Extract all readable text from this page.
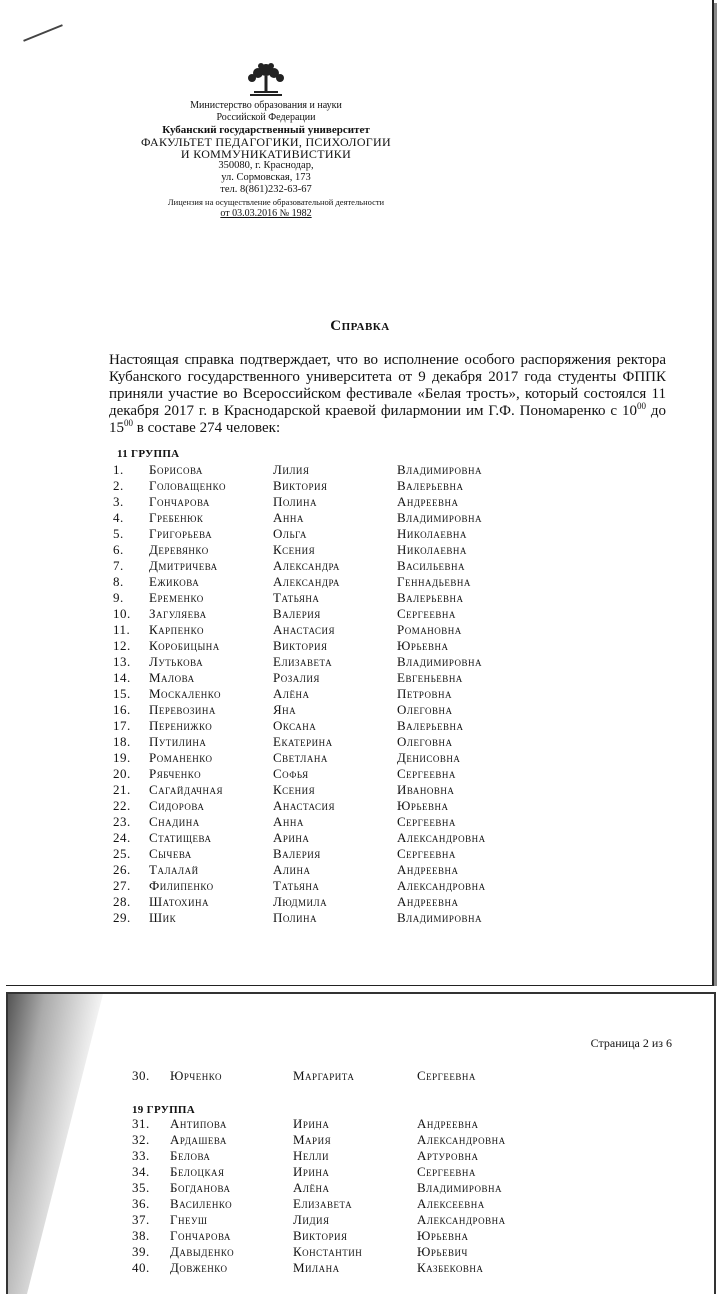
Министерство образования и науки
Российской Федерации
Кубанский государственный университет
ФАКУЛЬТЕТ ПЕДАГОГИКИ, ПСИХОЛОГИИ
И КОММУНИКАТИВИСТИКИ
350080, г. Краснодар,
ул. Сормовская, 173
тел. 8(861)232-63-67
Лицензия на осуществление образовательной деятельности
от 03.03.2016 № 1982
Справка
Настоящая справка подтверждает, что во исполнение особого распоряжения ректора Кубанского государственного университета от 9 декабря 2017 года студенты ФППК приняли участие во Всероссийском фестивале «Белая трость», который состоялся 11 декабря 2017 г. в Краснодарской краевой филармонии им Г.Ф. Пономаренко с $10^{00}$ до $15^{00}$ в составе 274 человек:
11 ГРУППА
1. Борисова	Лилия	Владимировна
2. Головащенко	Виктория	Валерьевна
3. Гончарова	Полина	Андреевна
4. Гребенюк	Анна	Владимировна
5. Григорьева	Ольга	Николаевна
6. Деревянко	Ксения	Николаевна
7. Дмитричева	Александра	Васильевна
8. Ежикова	Александра	Геннадьевна
9. Еременко	Татьяна	Валерьевна
10. Загуляева	Валерия	Сергеевна
11. Карпенко	Анастасия	Романовна
12. Коробицына	Виктория	Юрьевна
13. Лутькова	Елизавета	Владимировна
14. Малова	Розалия	Евгеньевна
15. Москаленко	Алёна	Петровна
16. Перевозина	Яна	Олеговна
17. Перенижко	Оксана	Валерьевна
18. Путилина	Екатерина	Олеговна
19. Романенко	Светлана	Денисовна
20. Рябченко	Софья	Сергеевна
21. Сагайдачная	Ксения	Ивановна
22. Сидорова	Анастасия	Юрьевна
23. Снадина	Анна	Сергеевна
24. Статищева	Арина	Александровна
25. Сычева	Валерия	Сергеевна
26. Талалай	Алина	Андреевна
27. Филипенко	Татьяна	Александровна
28. Шатохина	Людмила	Андреевна
29. Шик	Полина	Владимировна
Страница 2 из 6
30. Юрченко	Маргарита	Сергеевна
19 ГРУППА
31. Антипова	Ирина	Андреевна
32. Ардашева	Мария	Александровна
33. Белова	Нелли	Артуровна
34. Белоцкая	Ирина	Сергеевна
35. Богданова	Алёна	Владимировна
36. Василенко	Елизавета	Алексеевна
37. Гнеуш	Лидия	Александровна
38. Гончарова	Виктория	Юрьевна
39. Давыденко	Константин	Юрьевич
40. Довженко	Милана	Казбековна
